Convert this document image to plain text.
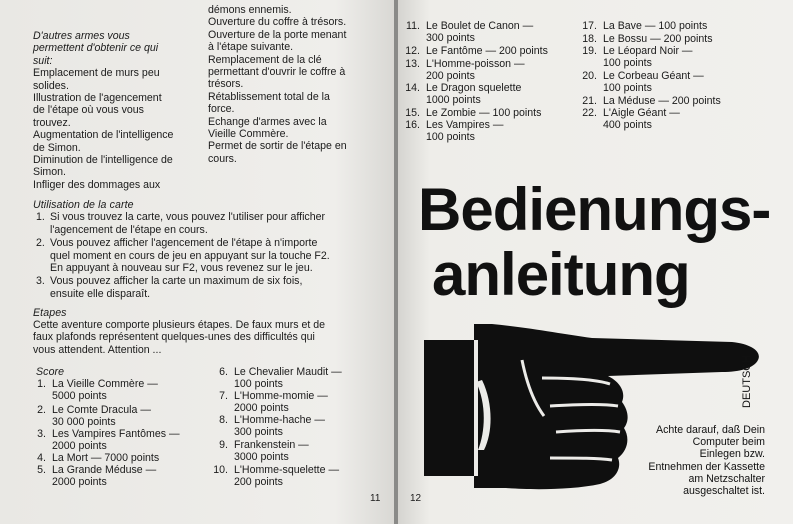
D'autres armes vous
permettent d'obtenir ce qui
suit:
Emplacement de murs peu
solides.
Illustration de l'agencement
de l'étape où vous vous
trouvez.
Augmentation de l'intelligence
de Simon.
Diminution de l'intelligence de
Simon.
Infliger des dommages aux
démons ennemis.
Ouverture du coffre à trésors.
Ouverture de la porte menant
à l'étape suivante.
Remplacement de la clé
permettant d'ouvrir le coffre à
trésors.
Rétablissement total de la
force.
Echange d'armes avec la
Vieille Commère.
Permet de sortir de l'étape en
cours.
Utilisation de la carte
1. Si vous trouvez la carte, vous pouvez l'utiliser pour afficher
l'agencement de l'étape en cours.
2. Vous pouvez afficher l'agencement de l'étape à n'importe
quel moment en cours de jeu en appuyant sur la touche F2.
En appuyant à nouveau sur F2, vous revenez sur le jeu.
3. Vous pouvez afficher la carte un maximum de six fois,
ensuite elle disparaît.
Etapes
Cette aventure comporte plusieurs étapes. De faux murs et de
faux plafonds représentent quelques-unes des difficultés qui
vous attendent. Attention ...
Score
1. La Vieille Commère —
5000 points
2. Le Comte Dracula —
30 000 points
3. Les Vampires Fantômes —
2000 points
4. La Mort — 7000 points
5. La Grande Méduse —
2000 points
6. Le Chevalier Maudit —
100 points
7. L'Homme-momie —
2000 points
8. L'Homme-hache —
300 points
9. Frankenstein —
3000 points
10. L'Homme-squelette —
200 points
11
11. Le Boulet de Canon —
300 points
12. Le Fantôme — 200 points
13. L'Homme-poisson —
200 points
14. Le Dragon squelette
1000 points
15. Le Zombie — 100 points
16. Les Vampires —
100 points
17. La Bave — 100 points
18. Le Bossu — 200 points
19. Le Léopard Noir —
100 points
20. Le Corbeau Géant —
100 points
21. La Méduse — 200 points
22. L'Aigle Géant —
400 points
12
Bedienungs-
anleitung
DEUTSCH
Achte darauf, daß Dein
Computer beim
Einlegen bzw.
Entnehmen der Kassette
am Netzschalter
ausgeschaltet ist.
